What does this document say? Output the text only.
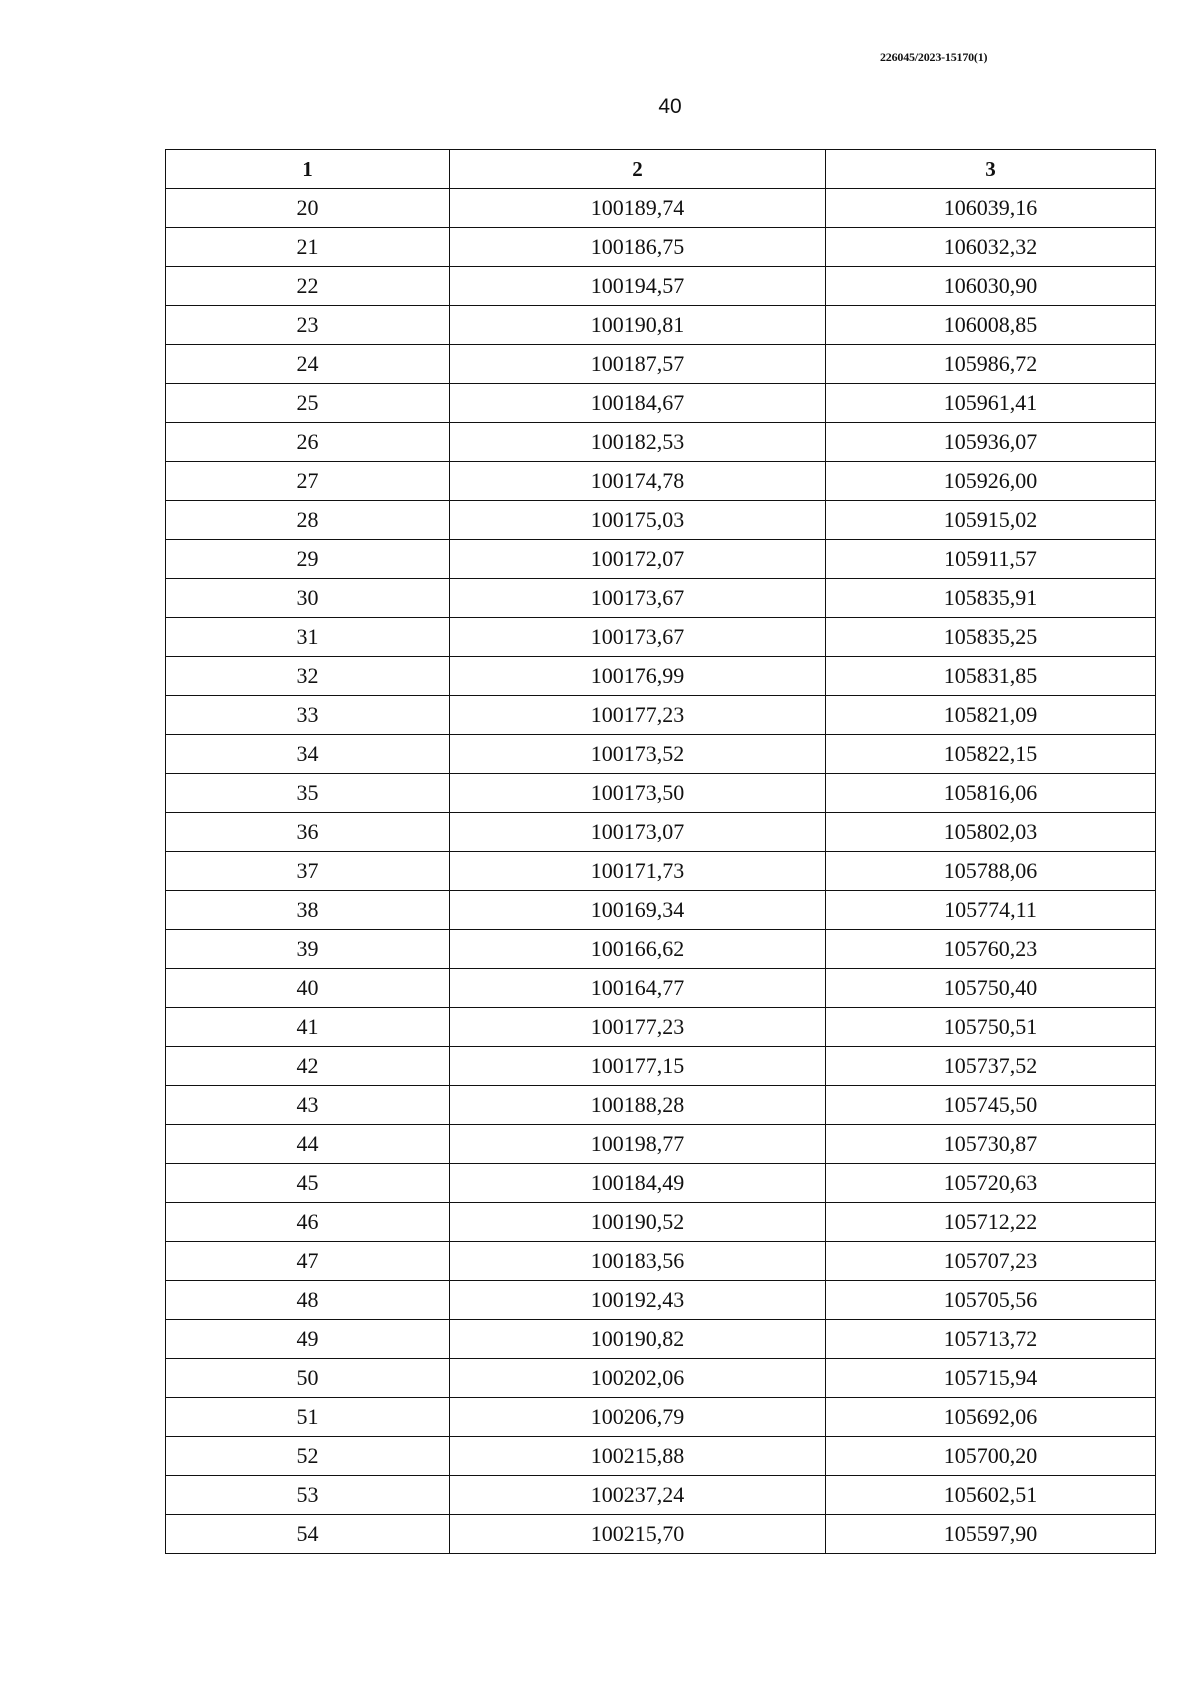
226045/2023-15170(1)
40
1	2	3
20	100189,74	106039,16
21	100186,75	106032,32
22	100194,57	106030,90
23	100190,81	106008,85
24	100187,57	105986,72
25	100184,67	105961,41
26	100182,53	105936,07
27	100174,78	105926,00
28	100175,03	105915,02
29	100172,07	105911,57
30	100173,67	105835,91
31	100173,67	105835,25
32	100176,99	105831,85
33	100177,23	105821,09
34	100173,52	105822,15
35	100173,50	105816,06
36	100173,07	105802,03
37	100171,73	105788,06
38	100169,34	105774,11
39	100166,62	105760,23
40	100164,77	105750,40
41	100177,23	105750,51
42	100177,15	105737,52
43	100188,28	105745,50
44	100198,77	105730,87
45	100184,49	105720,63
46	100190,52	105712,22
47	100183,56	105707,23
48	100192,43	105705,56
49	100190,82	105713,72
50	100202,06	105715,94
51	100206,79	105692,06
52	100215,88	105700,20
53	100237,24	105602,51
54	100215,70	105597,90
